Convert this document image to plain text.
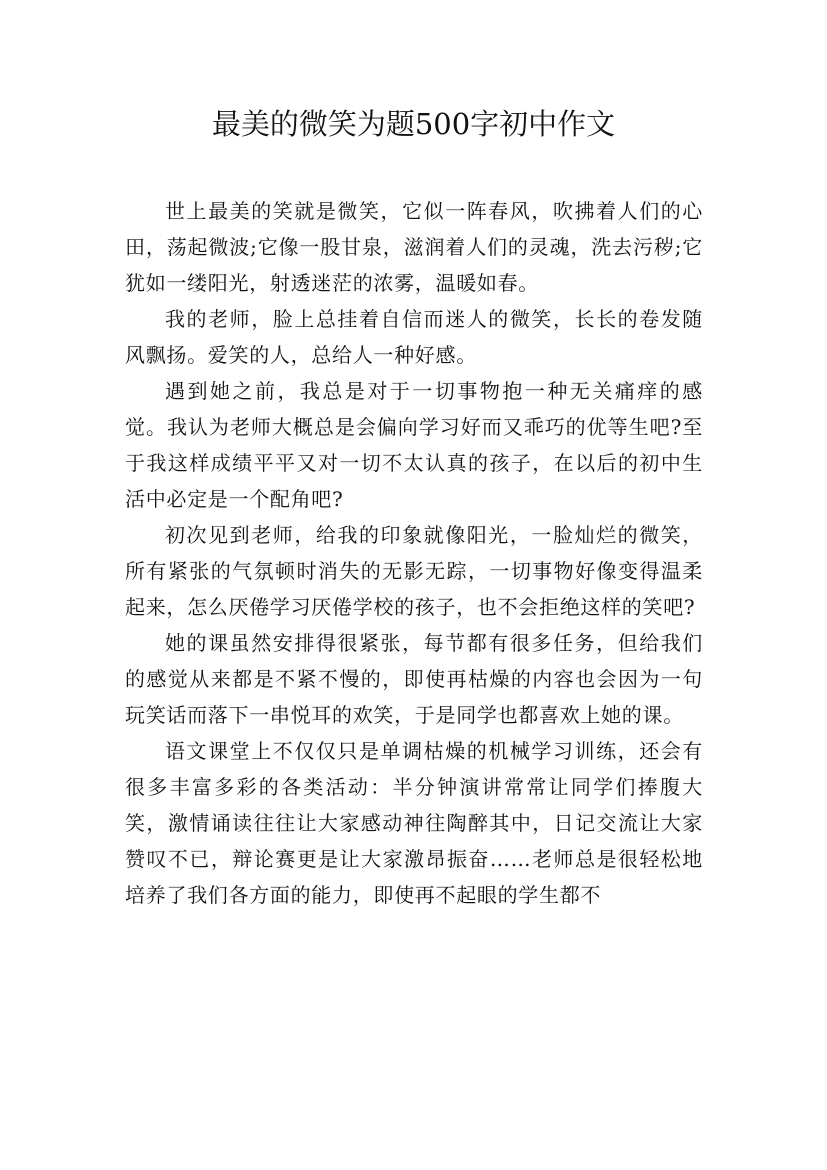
最美的微笑为题500字初中作文

世上最美的笑就是微笑，它似一阵春风，吹拂着人们的心田，荡起微波;它像一股甘泉，滋润着人们的灵魂，洗去污秽;它犹如一缕阳光，射透迷茫的浓雾，温暖如春。

我的老师，脸上总挂着自信而迷人的微笑，长长的卷发随风飘扬。爱笑的人，总给人一种好感。

遇到她之前，我总是对于一切事物抱一种无关痛痒的感觉。我认为老师大概总是会偏向学习好而又乖巧的优等生吧?至于我这样成绩平平又对一切不太认真的孩子，在以后的初中生活中必定是一个配角吧?

初次见到老师，给我的印象就像阳光，一脸灿烂的微笑，所有紧张的气氛顿时消失的无影无踪，一切事物好像变得温柔起来，怎么厌倦学习厌倦学校的孩子，也不会拒绝这样的笑吧?

她的课虽然安排得很紧张，每节都有很多任务，但给我们的感觉从来都是不紧不慢的，即使再枯燥的内容也会因为一句玩笑话而落下一串悦耳的欢笑，于是同学也都喜欢上她的课。

语文课堂上不仅仅只是单调枯燥的机械学习训练，还会有很多丰富多彩的各类活动：半分钟演讲常常让同学们捧腹大笑，激情诵读往往让大家感动神往陶醉其中，日记交流让大家赞叹不已，辩论赛更是让大家激昂振奋……老师总是很轻松地培养了我们各方面的能力，即使再不起眼的学生都不
